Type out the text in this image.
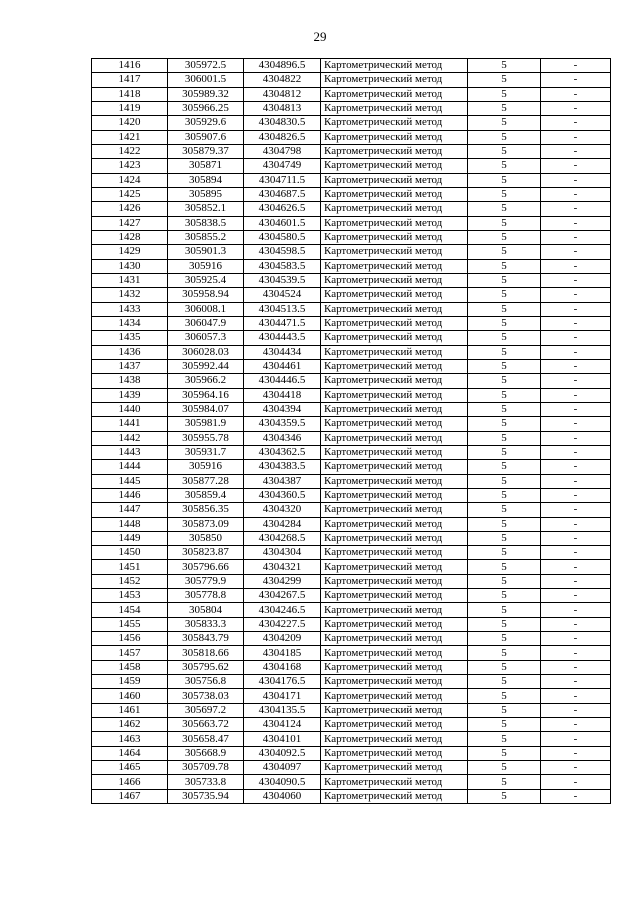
29
1416	305972.5	4304896.5	Картометрический метод	5	-
1417	306001.5	4304822	Картометрический метод	5	-
1418	305989.32	4304812	Картометрический метод	5	-
1419	305966.25	4304813	Картометрический метод	5	-
1420	305929.6	4304830.5	Картометрический метод	5	-
1421	305907.6	4304826.5	Картометрический метод	5	-
1422	305879.37	4304798	Картометрический метод	5	-
1423	305871	4304749	Картометрический метод	5	-
1424	305894	4304711.5	Картометрический метод	5	-
1425	305895	4304687.5	Картометрический метод	5	-
1426	305852.1	4304626.5	Картометрический метод	5	-
1427	305838.5	4304601.5	Картометрический метод	5	-
1428	305855.2	4304580.5	Картометрический метод	5	-
1429	305901.3	4304598.5	Картометрический метод	5	-
1430	305916	4304583.5	Картометрический метод	5	-
1431	305925.4	4304539.5	Картометрический метод	5	-
1432	305958.94	4304524	Картометрический метод	5	-
1433	306008.1	4304513.5	Картометрический метод	5	-
1434	306047.9	4304471.5	Картометрический метод	5	-
1435	306057.3	4304443.5	Картометрический метод	5	-
1436	306028.03	4304434	Картометрический метод	5	-
1437	305992.44	4304461	Картометрический метод	5	-
1438	305966.2	4304446.5	Картометрический метод	5	-
1439	305964.16	4304418	Картометрический метод	5	-
1440	305984.07	4304394	Картометрический метод	5	-
1441	305981.9	4304359.5	Картометрический метод	5	-
1442	305955.78	4304346	Картометрический метод	5	-
1443	305931.7	4304362.5	Картометрический метод	5	-
1444	305916	4304383.5	Картометрический метод	5	-
1445	305877.28	4304387	Картометрический метод	5	-
1446	305859.4	4304360.5	Картометрический метод	5	-
1447	305856.35	4304320	Картометрический метод	5	-
1448	305873.09	4304284	Картометрический метод	5	-
1449	305850	4304268.5	Картометрический метод	5	-
1450	305823.87	4304304	Картометрический метод	5	-
1451	305796.66	4304321	Картометрический метод	5	-
1452	305779.9	4304299	Картометрический метод	5	-
1453	305778.8	4304267.5	Картометрический метод	5	-
1454	305804	4304246.5	Картометрический метод	5	-
1455	305833.3	4304227.5	Картометрический метод	5	-
1456	305843.79	4304209	Картометрический метод	5	-
1457	305818.66	4304185	Картометрический метод	5	-
1458	305795.62	4304168	Картометрический метод	5	-
1459	305756.8	4304176.5	Картометрический метод	5	-
1460	305738.03	4304171	Картометрический метод	5	-
1461	305697.2	4304135.5	Картометрический метод	5	-
1462	305663.72	4304124	Картометрический метод	5	-
1463	305658.47	4304101	Картометрический метод	5	-
1464	305668.9	4304092.5	Картометрический метод	5	-
1465	305709.78	4304097	Картометрический метод	5	-
1466	305733.8	4304090.5	Картометрический метод	5	-
1467	305735.94	4304060	Картометрический метод	5	-
